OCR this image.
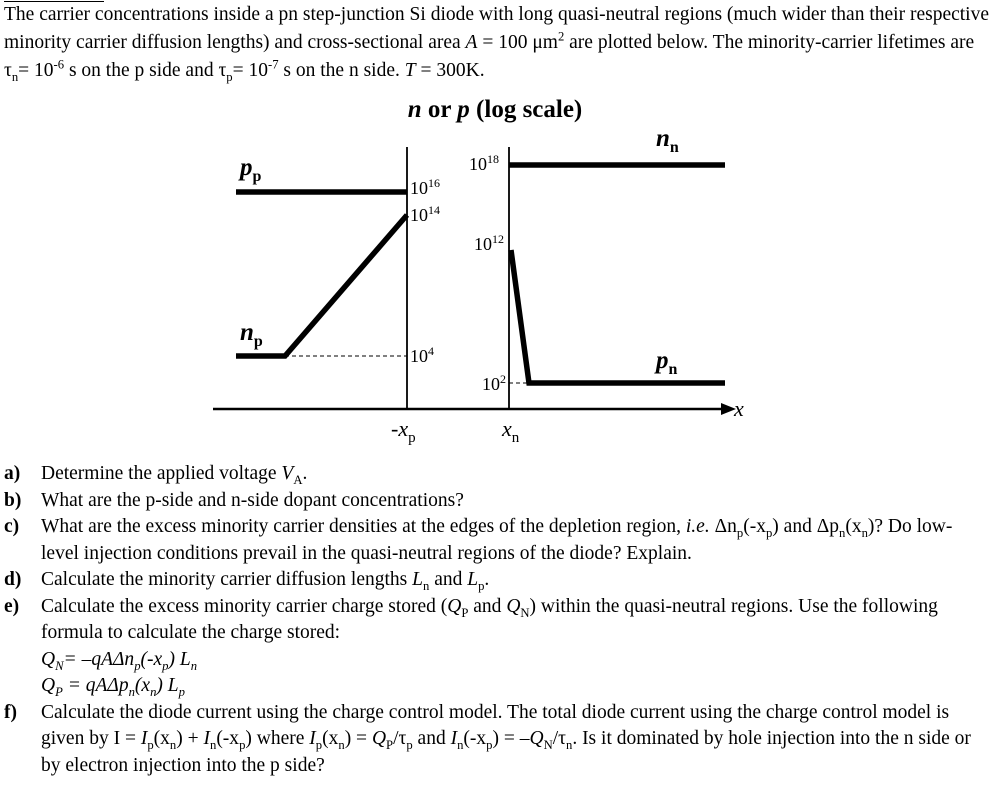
The carrier concentrations inside a pn step-junction Si diode with long quasi-neutral regions (much wider than their respective minority carrier diffusion lengths) and cross-sectional area A = 100 $\mu m^2$ are plotted below. The minority-carrier lifetimes are $\tau_n= 10^{-6}$ s on the p side and $\tau_p= 10^{-7}$ s on the n side. T = 300K.

n or p (log scale)
x
$10^{16}$
$10^{14}$
$10^4$
$10^{18}$
$10^{12}$
$10^2$
$-x_p$	$x_n$
$p_p$
$n_p$
$n_n$
$p_n$
a) Determine the applied voltage $V_A$.
b) What are the p-side and n-side dopant concentrations?
c) What are the excess minority carrier densities at the edges of the depletion region, i.e. $\Delta n_p(-x_p)$ and $\Delta p_n(x_n)$? Do low-level injection conditions prevail in the quasi-neutral regions of the diode? Explain.
d) Calculate the minority carrier diffusion lengths $L_n$ and $L_p$.
e) Calculate the excess minority carrier charge stored ($Q_P$ and $Q_N$) within the quasi-neutral regions. Use the following formula to calculate the charge stored:
$Q_N= -qA\Delta n_p(-x_p)$ $L_n$
$Q_P = qA\Delta p_n(x_n)$ $L_p$
f) Calculate the diode current using the charge control model. The total diode current using the charge control model is given by $I = I_p(x_n) + I_n(-x_p)$ where $I_p(x_n) = Q_P/\tau_p$ and $I_n(-x_p) = -Q_N/\tau_n$. Is it dominated by hole injection into the n side or by electron injection into the p side?
